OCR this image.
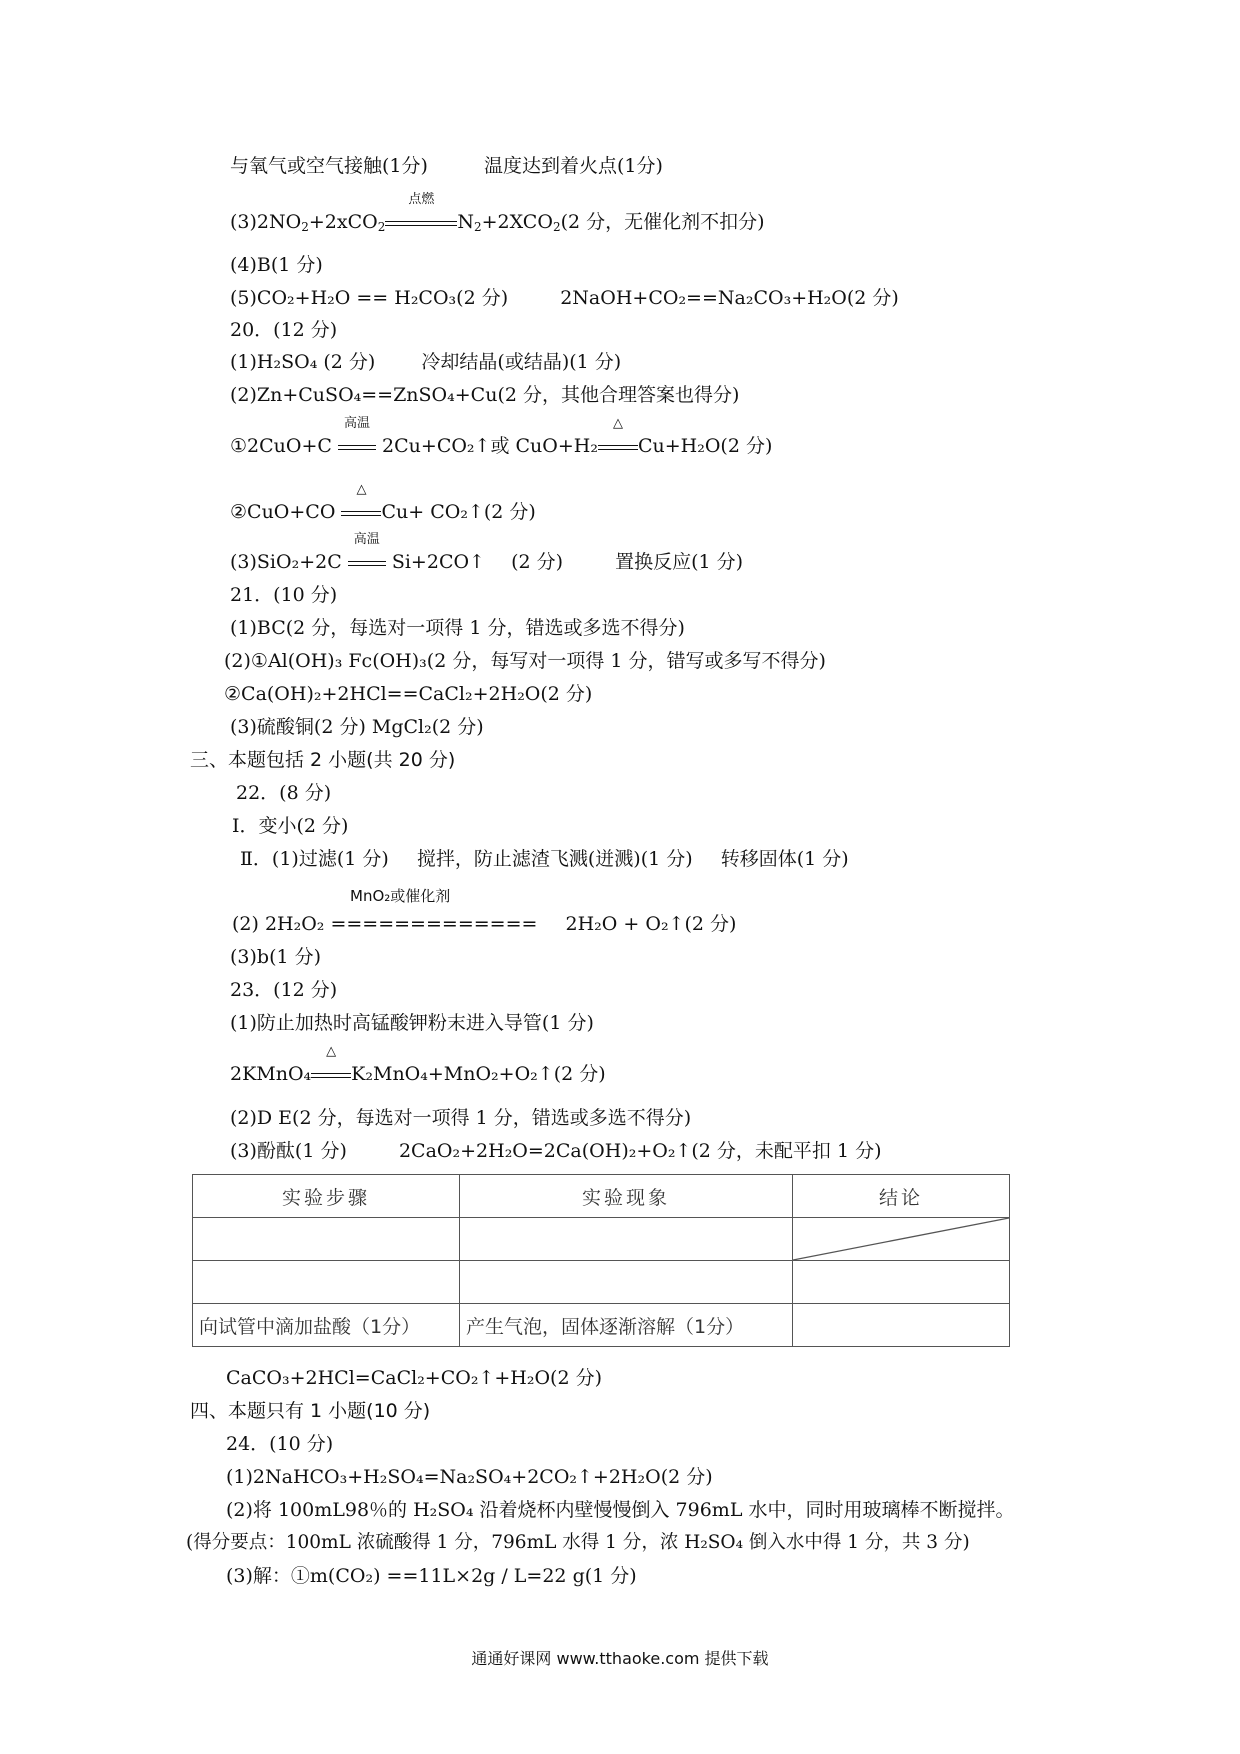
与氧气或空气接触(1分)	温度达到着火点(1分)
$(3)2NO_2+2xCO_2$
点燃
$N_2+2XCO_2(2$ 分，无催化剂不扣分)
(4)B(1 分)
(5)CO₂+H₂O == H₂CO₃(2 分)	2NaOH+CO₂==Na₂CO₃+H₂O(2 分)
20．(12 分)
(1)H₂SO₄ (2 分) 冷却结晶(或结晶)(1 分)
(2)Zn+CuSO₄==ZnSO₄+Cu(2 分，其他合理答案也得分)
①2CuO+C
高温
2Cu+CO₂↑或 CuO+H₂
△
Cu+H₂O(2 分)
②CuO+CO
△
Cu+ CO₂↑(2 分)
(3)SiO₂+2C
高温
Si+2CO↑ (2 分)	置换反应(1 分)
21．(10 分)
(1)BC(2 分，每选对一项得 1 分，错选或多选不得分)
(2)①Al(OH)₃ Fc(OH)₃(2 分，每写对一项得 1 分，错写或多写不得分)
②Ca(OH)₂+2HCl==CaCl₂+2H₂O(2 分)
(3)硫酸铜(2 分) MgCl₂(2 分)
三、本题包括 2 小题(共 20 分)
22．(8 分)
I．变小(2 分)
Ⅱ．(1)过滤(1 分) 搅拌，防止滤渣飞溅(迸溅)(1 分) 转移固体(1 分)
MnO₂或催化剂
(2) 2H₂O₂ ============= 2H₂O + O₂↑(2 分)
(3)b(1 分)
23．(12 分)
(1)防止加热时高锰酸钾粉末进入导管(1 分)
2KMnO₄
△
K₂MnO₄+MnO₂+O₂↑(2 分)
(2)D E(2 分，每选对一项得 1 分，错选或多选不得分)
(3)酚酞(1 分)	2CaO₂+2H₂O=2Ca(OH)₂+O₂↑(2 分，未配平扣 1 分)
实验步骤	实验现象	结论

向试管中滴加盐酸（1分）	产生气泡，固体逐渐溶解（1分）	
CaCO₃+2HCl=CaCl₂+CO₂↑+H₂O(2 分)
四、本题只有 1 小题(10 分)
24．(10 分)
(1)2NaHCO₃+H₂SO₄=Na₂SO₄+2CO₂↑+2H₂O(2 分)
(2)将 100mL98％的 H₂SO₄ 沿着烧杯内壁慢慢倒入 796mL 水中，同时用玻璃棒不断搅拌。
(得分要点：100mL 浓硫酸得 1 分，796mL 水得 1 分，浓 H₂SO₄ 倒入水中得 1 分，共 3 分)
(3)解：①m(CO₂) ==11L×2g / L=22 g(1 分)
通通好课网 www.tthaoke.com 提供下载
